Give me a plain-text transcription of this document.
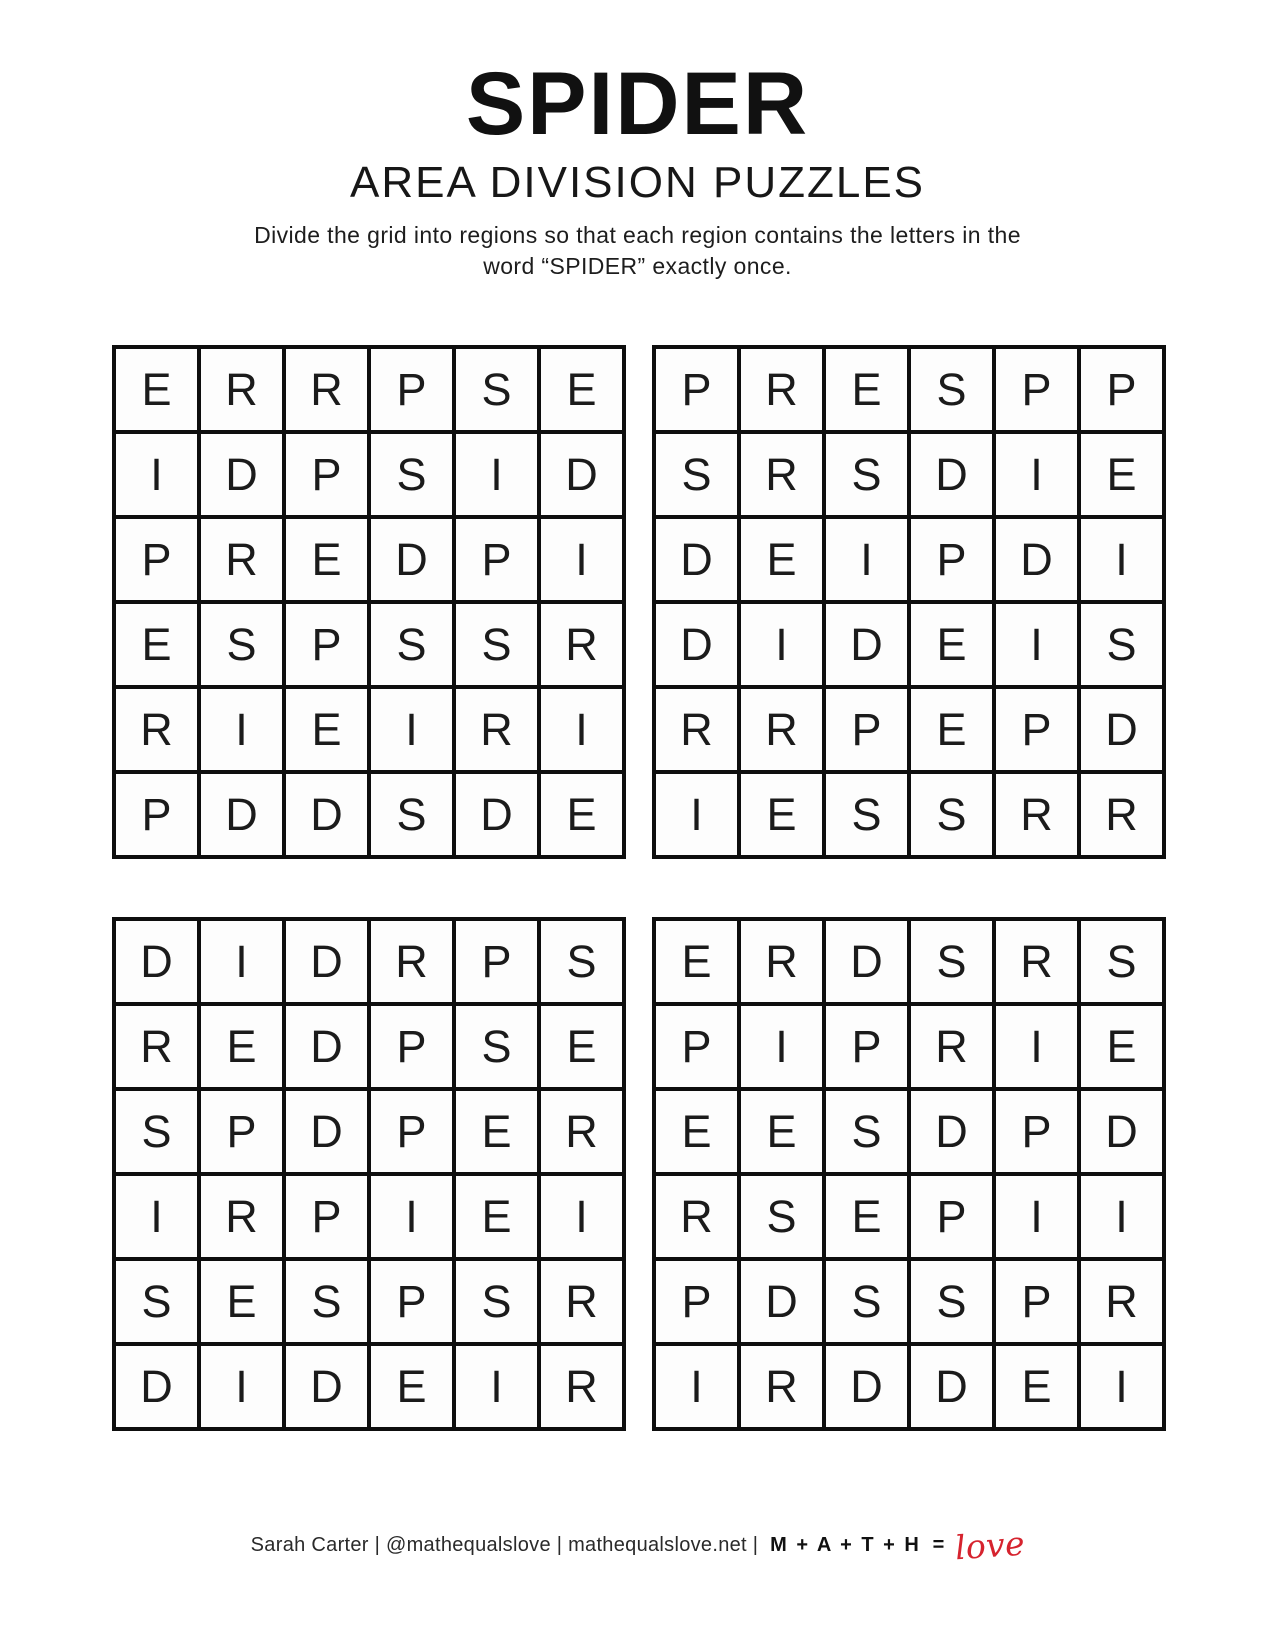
SPIDER
AREA DIVISION PUZZLES
Divide the grid into regions so that each region contains the letters in the
word “SPIDER” exactly once.
E	R	R	P	S	E
I	D	P	S	I	D
P	R	E	D	P	I
E	S	P	S	S	R
R	I	E	I	R	I
P	D	D	S	D	E
P	R	E	S	P	P
S	R	S	D	I	E
D	E	I	P	D	I
D	I	D	E	I	S
R	R	P	E	P	D
I	E	S	S	R	R
D	I	D	R	P	S
R	E	D	P	S	E
S	P	D	P	E	R
I	R	P	I	E	I
S	E	S	P	S	R
D	I	D	E	I	R
E	R	D	S	R	S
P	I	P	R	I	E
E	E	S	D	P	D
R	S	E	P	I	I
P	D	S	S	P	R
I	R	D	D	E	I
Sarah Carter | @mathequalslove | mathequalslove.net | M + A + T + H = love
